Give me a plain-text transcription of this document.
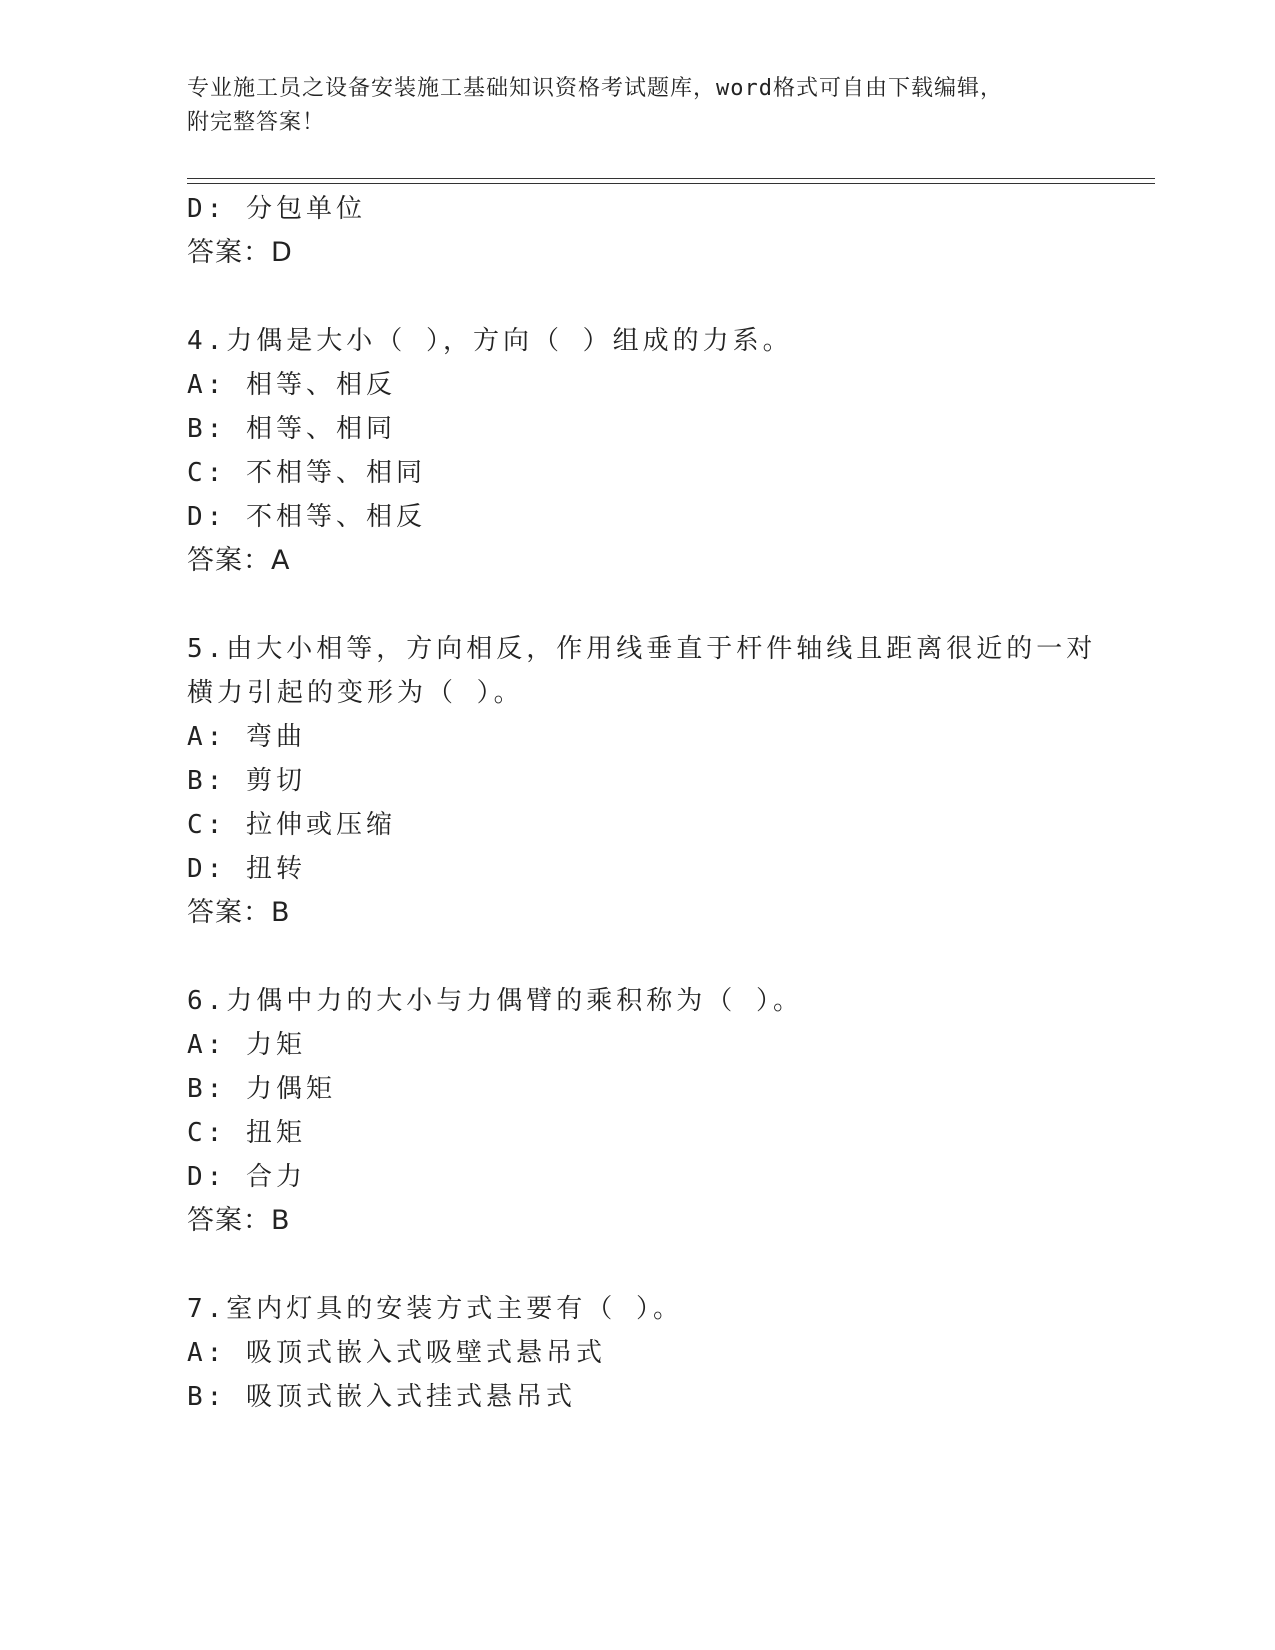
专业施工员之设备安装施工基础知识资格考试题库，word格式可自由下载编辑，
附完整答案！
D: 分包单位
答案：D
4.力偶是大小（ ），方向（ ）组成的力系。
A: 相等、相反
B: 相等、相同
C: 不相等、相同
D: 不相等、相反
答案：A
5.由大小相等，方向相反，作用线垂直于杆件轴线且距离很近的一对
横力引起的变形为（ ）。
A: 弯曲
B: 剪切
C: 拉伸或压缩
D: 扭转
答案：B
6.力偶中力的大小与力偶臂的乘积称为（ ）。
A: 力矩
B: 力偶矩
C: 扭矩
D: 合力
答案：B
7.室内灯具的安装方式主要有（ ）。
A: 吸顶式嵌入式吸壁式悬吊式
B: 吸顶式嵌入式挂式悬吊式
